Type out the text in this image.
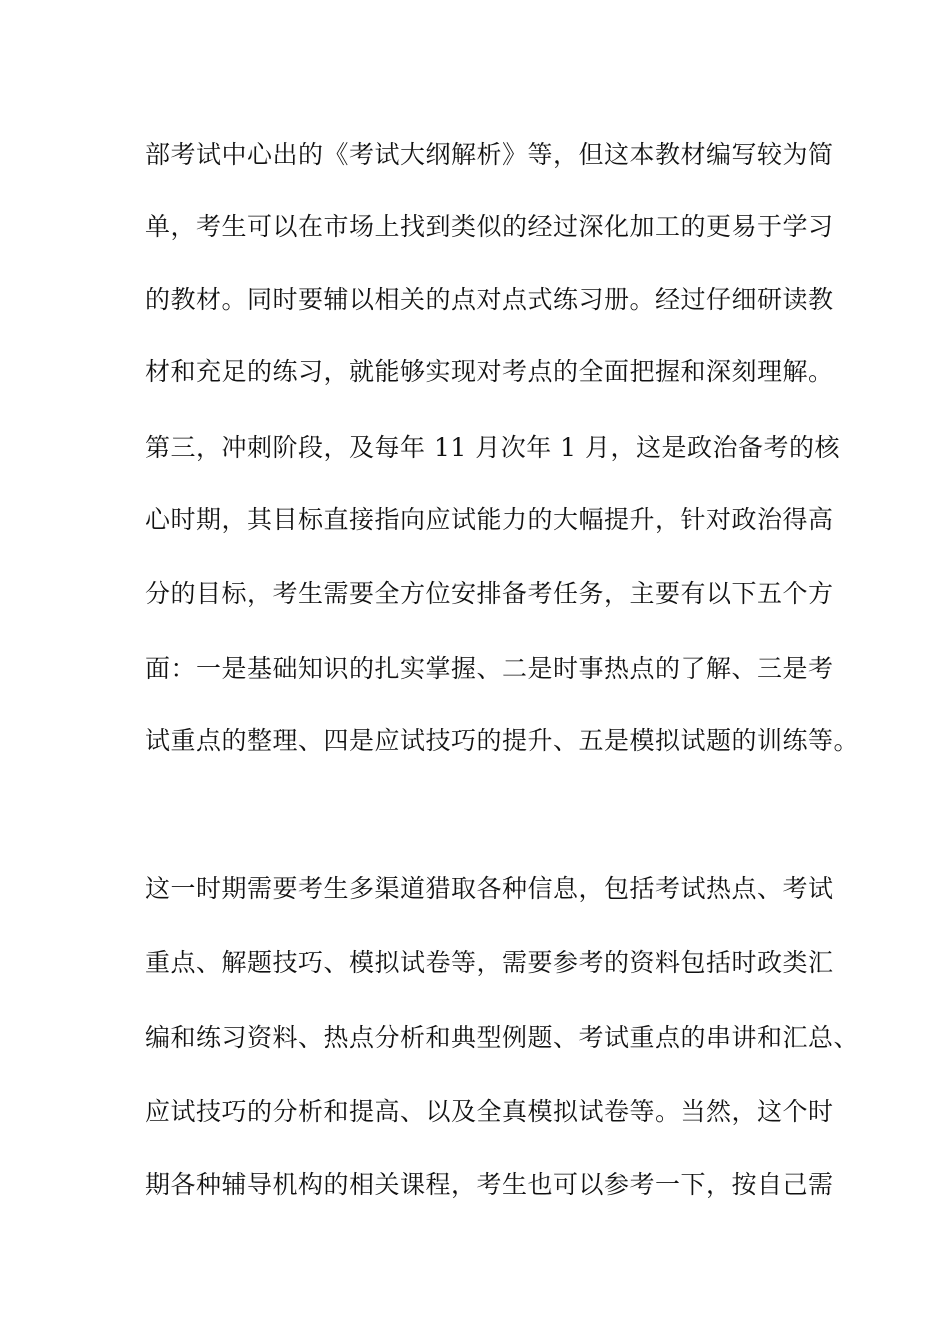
部考试中心出的《考试大纲解析》等，但这本教材编写较为简
单，考生可以在市场上找到类似的经过深化加工的更易于学习
的教材。同时要辅以相关的点对点式练习册。经过仔细研读教
材和充足的练习，就能够实现对考点的全面把握和深刻理解。
第三，冲刺阶段，及每年 11 月次年 1 月，这是政治备考的核
心时期，其目标直接指向应试能力的大幅提升，针对政治得高
分的目标，考生需要全方位安排备考任务，主要有以下五个方
面：一是基础知识的扎实掌握、二是时事热点的了解、三是考
试重点的整理、四是应试技巧的提升、五是模拟试题的训练等。
这一时期需要考生多渠道猎取各种信息，包括考试热点、考试
重点、解题技巧、模拟试卷等，需要参考的资料包括时政类汇
编和练习资料、热点分析和典型例题、考试重点的串讲和汇总、
应试技巧的分析和提高、以及全真模拟试卷等。当然，这个时
期各种辅导机构的相关课程，考生也可以参考一下，按自己需
